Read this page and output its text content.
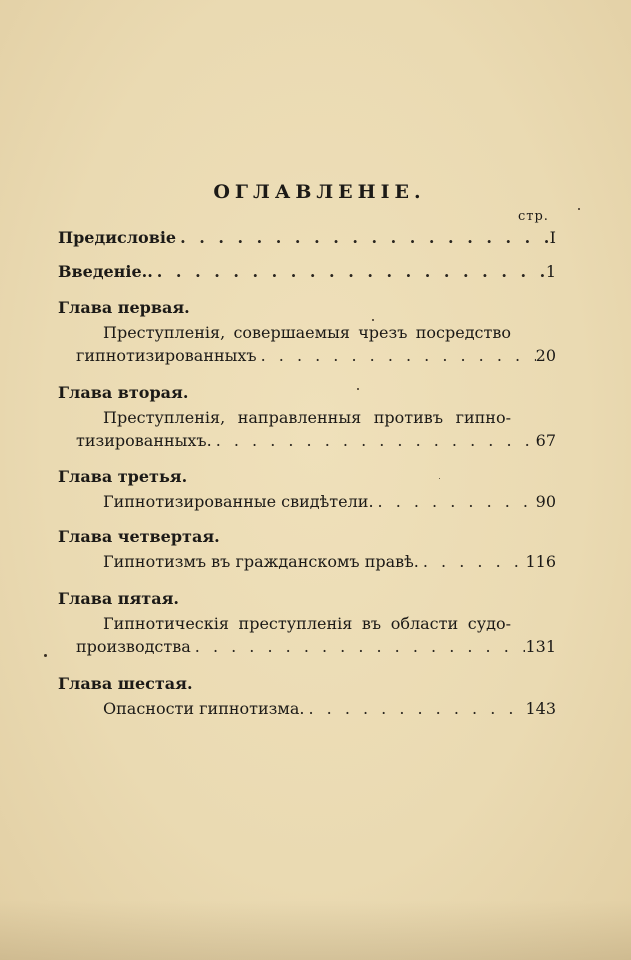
ОГЛАВЛЕНІЕ.
стр.
Предисловіе . . .	I
Введеніе.. . . .	1
Глава первая.
Преступленія, совершаемыя чрезъ посредство
гипнотизированныхъ . . .	20
Глава вторая.
Преступленія, направленныя противъ гипно-
тизированныхъ. . . .	67
Глава третья.
Гипнотизированные свидѣтели. . . .	90
Глава четвертая.
Гипнотизмъ въ гражданскомъ правѣ. . . .	116
Глава пятая.
Гипнотическія преступленія въ области судо-
производства . . .	131
Глава шестая.
Опасности гипнотизма. . . .	143
